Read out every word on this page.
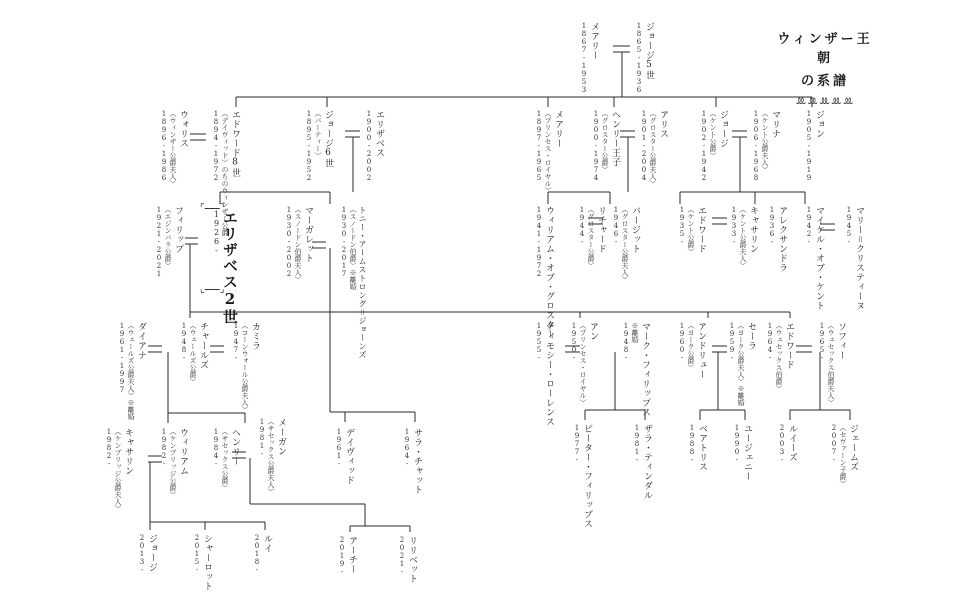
ウィンザー王朝
の系譜
ꔛꔛꔛꔛꔛ
⌜⎯⎯⎯⌝
⌞⎯⎯⎯⌟
メアリー
1867-1953	ジョージ5世
1865-1936
ウォリス
（ウィンザー公爵夫人）
1896-1986	エドワード8世
（デイヴィッド）のちのウィンザー公爵
1894-1972	ジョージ6世
（バーティー）
1895-1952	エリザベス
1900-2002	メアリー
（プリンセス・ロイヤル）
1897-1965	ヘンリー王子
（グロスター公爵）
1900-1974	アリス
（グロスター公爵夫人）
1901-2004	ジョージ
（ケント公爵）
1902-1942	マリナ
（ケント公爵夫人）
1906-1968	ジョン
1905-1919
フィリップ
（エジンバラ公爵）
1921-2021	エリザベス2世
1926-	マーガレット
（スノードン伯爵夫人）
1930-2002	トニー・アームストロング＝ジョーンズ
（スノードン伯爵）※離婚
1930-2017	ウィリアム・オブ・グロスター
1941-1972	リチャード
（グロスター公爵）
1944-	バージット
（グロスター公爵夫人）
1946-	エドワード
（ケント公爵）
1935-	キャサリン
（ケント公爵夫人）
1933-	アレクサンドラ
1936-	マイケル・オブ・ケント
1942-	マリー＝クリスティーヌ
1945-
ダイアナ
（ウェールズ公爵夫人）※離婚
1961-1997	チャールズ
（ウェールズ公爵）
1948-	カミラ
（コーンウォール公爵夫人）
1947-	ティモシー・ローレンス
1955-	アン
（プリンセス・ロイヤル）
1950-	マーク・フィリップス
※離婚
1948-	アンドリュー
（ヨーク公爵）
1960-	セーラ
（ヨーク公爵夫人）※離婚
1959-	エドワード
（ウェセックス伯爵）
1964-	ソフィー
（ウェセックス伯爵夫人）
1965-
キャサリン
（ケンブリッジ公爵夫人）
1982-	ウィリアム
（ケンブリッジ公爵）
1982-	ヘンリー
（サセックス公爵）
1984-	メーガン
（サセックス公爵夫人）
1981-	デイヴィッド
1961-	サラ・チャット
1964-	ピーター・フィリップス
1977-	ザラ・ティンダル
1981-	ベアトリス
1988-	ユージェニー
1990-	ルイーズ
2003-	ジェームズ
（セヴァーン子爵）
2007-
ジョージ
2013-	シャーロット
2015-	ルイ
2018-	アーチー
2019-	リリベット
2021-
